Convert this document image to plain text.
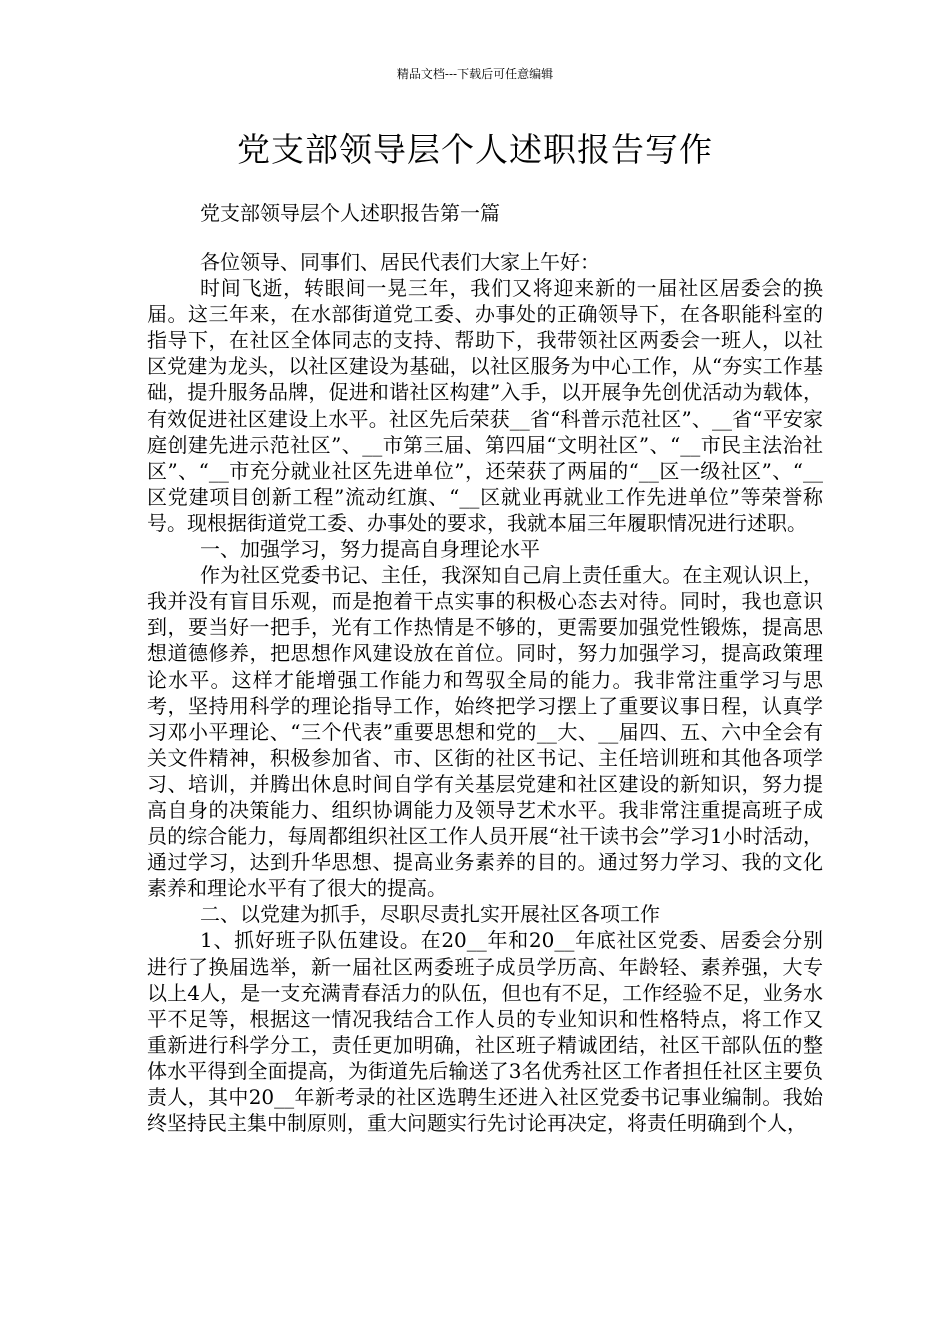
精品文档---下载后可任意编辑
党支部领导层个人述职报告写作
党支部领导层个人述职报告第一篇

各位领导、同事们、居民代表们大家上午好：

时间飞逝，转眼间一晃三年，我们又将迎来新的一届社区居委会的换届。这三年来，在水部街道党工委、办事处的正确领导下，在各职能科室的指导下，在社区全体同志的支持、帮助下，我带领社区两委会一班人，以社区党建为龙头，以社区建设为基础，以社区服务为中心工作，从“夯实工作基础，提升服务品牌，促进和谐社区构建”入手，以开展争先创优活动为载体，有效促进社区建设上水平。社区先后荣获__省“科普示范社区”、__省“平安家庭创建先进示范社区”、__市第三届、第四届“文明社区”、“__市民主法治社区”、“__市充分就业社区先进单位”，还荣获了两届的“__区一级社区”、“__区党建项目创新工程”流动红旗、“__区就业再就业工作先进单位”等荣誉称号。现根据街道党工委、办事处的要求，我就本届三年履职情况进行述职。

一、加强学习，努力提高自身理论水平

作为社区党委书记、主任，我深知自己肩上责任重大。在主观认识上，我并没有盲目乐观，而是抱着干点实事的积极心态去对待。同时，我也意识到，要当好一把手，光有工作热情是不够的，更需要加强党性锻炼，提高思想道德修养，把思想作风建设放在首位。同时，努力加强学习，提高政策理论水平。这样才能增强工作能力和驾驭全局的能力。我非常注重学习与思考，坚持用科学的理论指导工作，始终把学习摆上了重要议事日程，认真学习邓小平理论、“三个代表”重要思想和党的__大、__届四、五、六中全会有关文件精神，积极参加省、市、区街的社区书记、主任培训班和其他各项学习、培训，并腾出休息时间自学有关基层党建和社区建设的新知识，努力提高自身的决策能力、组织协调能力及领导艺术水平。我非常注重提高班子成员的综合能力，每周都组织社区工作人员开展“社干读书会”学习1小时活动，通过学习，达到升华思想、提高业务素养的目的。通过努力学习、我的文化素养和理论水平有了很大的提高。

二、以党建为抓手，尽职尽责扎实开展社区各项工作

1、抓好班子队伍建设。在20__年和20__年底社区党委、居委会分别进行了换届选举，新一届社区两委班子成员学历高、年龄轻、素养强，大专以上4人，是一支充满青春活力的队伍，但也有不足，工作经验不足，业务水平不足等，根据这一情况我结合工作人员的专业知识和性格特点，将工作又重新进行科学分工，责任更加明确，社区班子精诚团结，社区干部队伍的整体水平得到全面提高，为街道先后输送了3名优秀社区工作者担任社区主要负责人，其中20__年新考录的社区选聘生还进入社区党委书记事业编制。我始终坚持民主集中制原则，重大问题实行先讨论再决定，将责任明确到个人，
